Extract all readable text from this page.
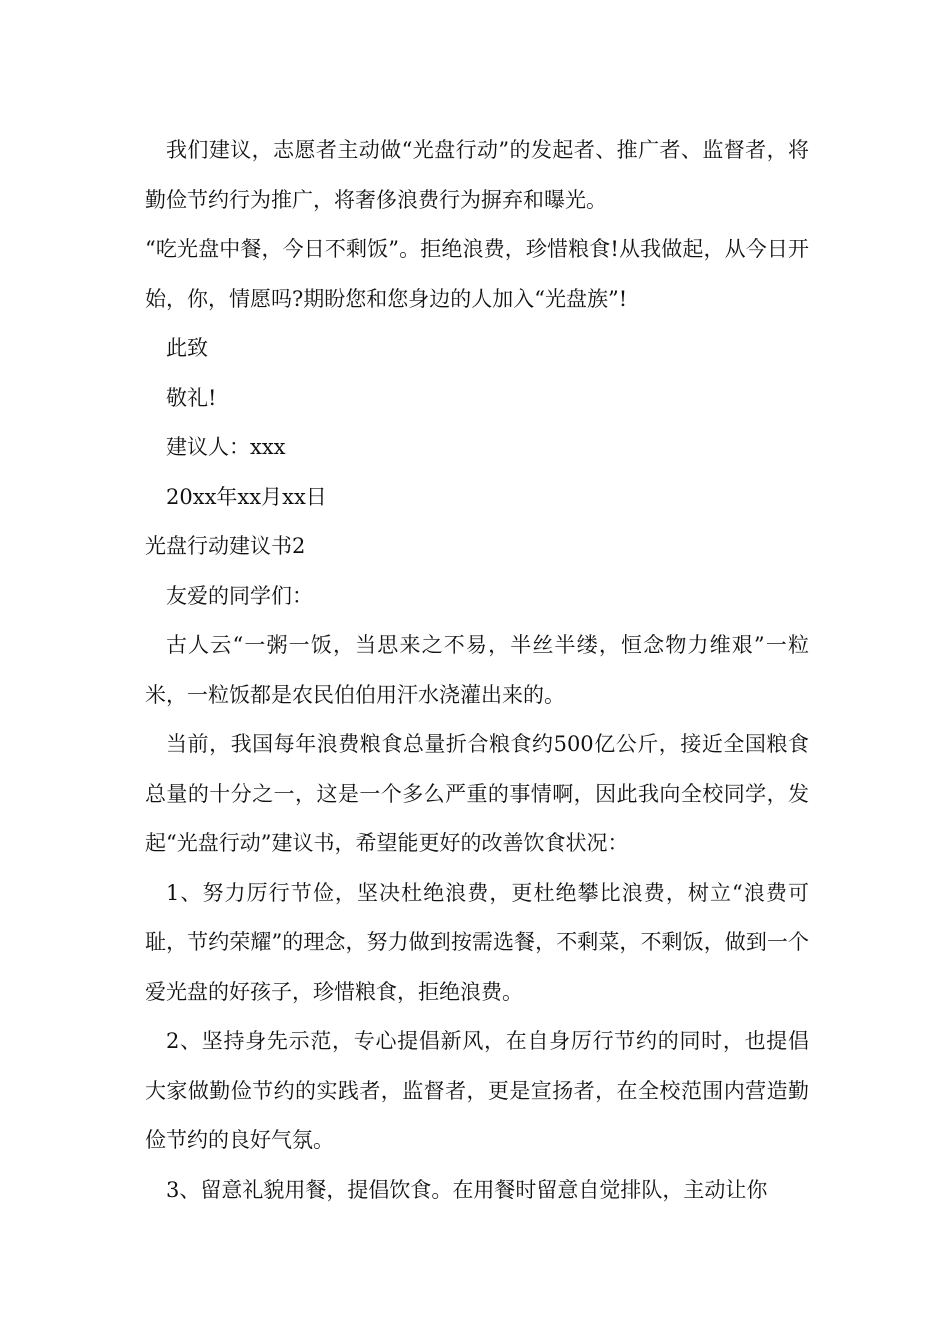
我们建议，志愿者主动做“光盘行动”的发起者、推广者、监督者，将勤俭节约行为推广，将奢侈浪费行为摒弃和曝光。

“吃光盘中餐，今日不剩饭”。拒绝浪费，珍惜粮食!从我做起，从今日开始，你，情愿吗?期盼您和您身边的人加入“光盘族”!

此致

敬礼!

建议人：xxx

20xx年xx月xx日

光盘行动建议书2

友爱的同学们：

古人云“一粥一饭，当思来之不易，半丝半缕，恒念物力维艰”一粒米，一粒饭都是农民伯伯用汗水浇灌出来的。

当前，我国每年浪费粮食总量折合粮食约500亿公斤，接近全国粮食总量的十分之一，这是一个多么严重的事情啊，因此我向全校同学，发起“光盘行动”建议书，希望能更好的改善饮食状况：

1、努力厉行节俭，坚决杜绝浪费，更杜绝攀比浪费，树立“浪费可耻，节约荣耀”的理念，努力做到按需选餐，不剩菜，不剩饭，做到一个爱光盘的好孩子，珍惜粮食，拒绝浪费。

2、坚持身先示范，专心提倡新风，在自身厉行节约的同时，也提倡大家做勤俭节约的实践者，监督者，更是宣扬者，在全校范围内营造勤俭节约的良好气氛。

3、留意礼貌用餐，提倡饮食。在用餐时留意自觉排队，主动让你
